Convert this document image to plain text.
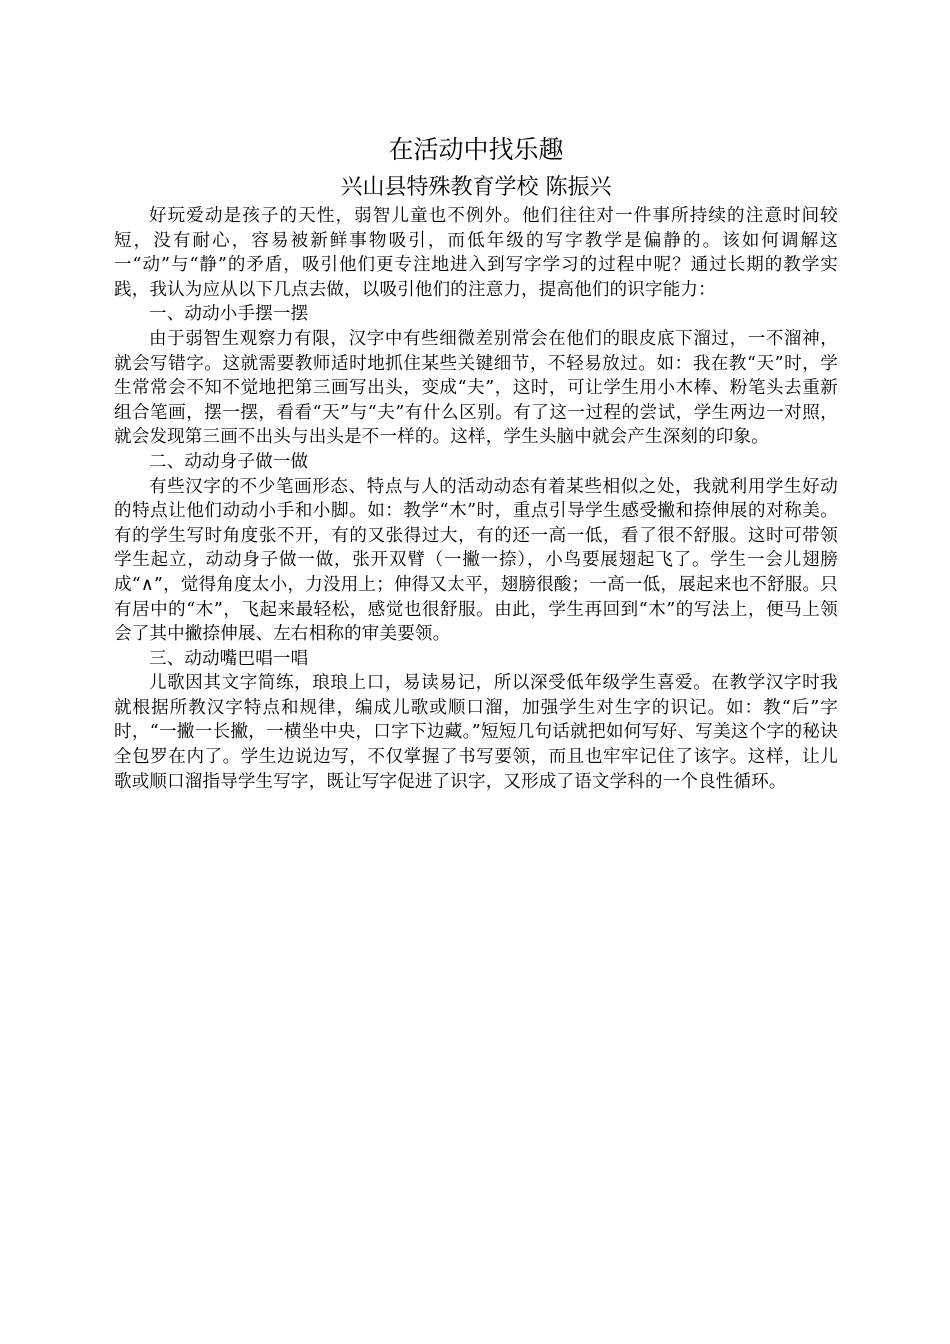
在活动中找乐趣
兴山县特殊教育学校 陈振兴

好玩爱动是孩子的天性，弱智儿童也不例外。他们往往对一件事所持续的注意时间较短，没有耐心，容易被新鲜事物吸引，而低年级的写字教学是偏静的。该如何调解这一“动”与“静”的矛盾，吸引他们更专注地进入到写字学习的过程中呢？通过长期的教学实践，我认为应从以下几点去做，以吸引他们的注意力，提高他们的识字能力：

一、动动小手摆一摆

由于弱智生观察力有限，汉字中有些细微差别常会在他们的眼皮底下溜过，一不溜神，就会写错字。这就需要教师适时地抓住某些关键细节，不轻易放过。如：我在教“天”时，学生常常会不知不觉地把第三画写出头，变成“夫”，这时，可让学生用小木棒、粉笔头去重新组合笔画，摆一摆，看看“天”与“夫”有什么区别。有了这一过程的尝试，学生两边一对照，就会发现第三画不出头与出头是不一样的。这样，学生头脑中就会产生深刻的印象。

二、动动身子做一做

有些汉字的不少笔画形态、特点与人的活动动态有着某些相似之处，我就利用学生好动的特点让他们动动小手和小脚。如：教学“木”时，重点引导学生感受撇和捺伸展的对称美。有的学生写时角度张不开，有的又张得过大，有的还一高一低，看了很不舒服。这时可带领学生起立，动动身子做一做，张开双臂（一撇一捺），小鸟要展翅起飞了。学生一会儿翅膀成“∧”，觉得角度太小，力没用上；伸得又太平，翅膀很酸；一高一低，展起来也不舒服。只有居中的“木”，飞起来最轻松，感觉也很舒服。由此，学生再回到“木”的写法上，便马上领会了其中撇捺伸展、左右相称的审美要领。

三、动动嘴巴唱一唱

儿歌因其文字简练，琅琅上口，易读易记，所以深受低年级学生喜爱。在教学汉字时我就根据所教汉字特点和规律，编成儿歌或顺口溜，加强学生对生字的识记。如：教“后”字时，“一撇一长撇，一横坐中央，口字下边藏。”短短几句话就把如何写好、写美这个字的秘诀全包罗在内了。学生边说边写，不仅掌握了书写要领，而且也牢牢记住了该字。这样，让儿歌或顺口溜指导学生写字，既让写字促进了识字，又形成了语文学科的一个良性循环。
